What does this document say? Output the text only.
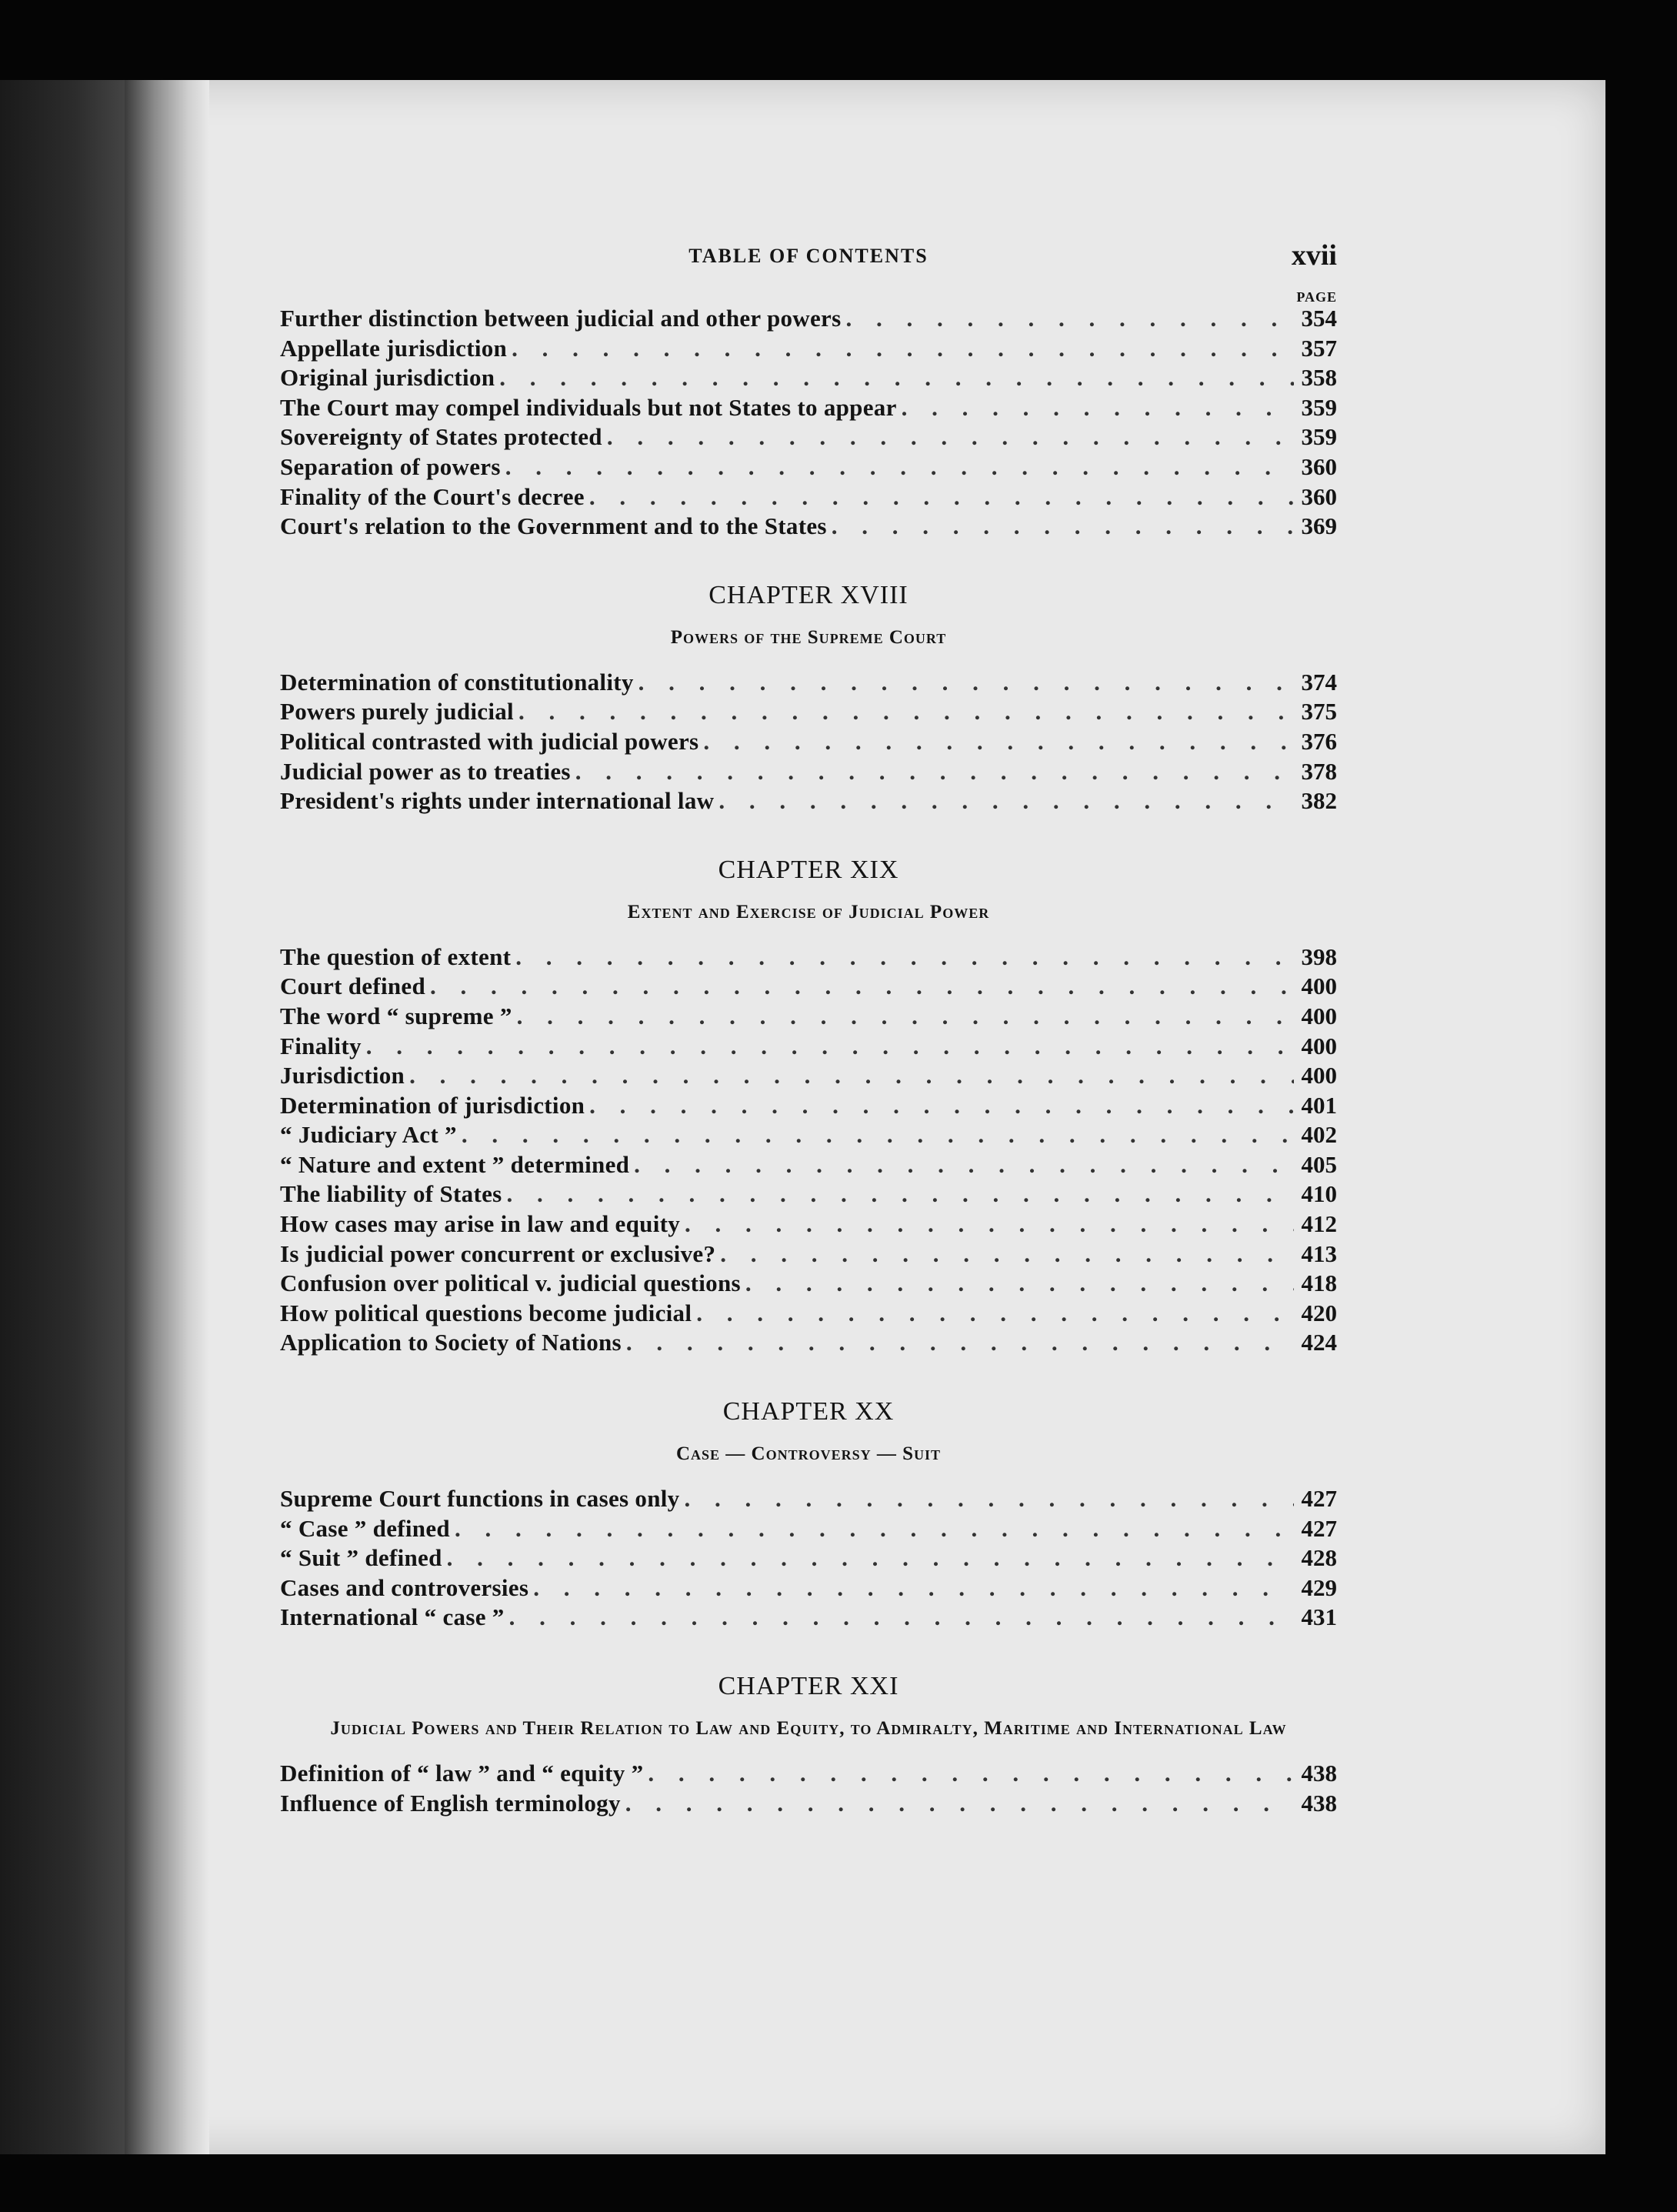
TABLE OF CONTENTS	xvii
PAGE
Further distinction between judicial and other powers . . .	354
Appellate jurisdiction . . .	357
Original jurisdiction . . .	358
The Court may compel individuals but not States to appear . . .	359
Sovereignty of States protected . . .	359
Separation of powers . . .	360
Finality of the Court's decree . . .	360
Court's relation to the Government and to the States . . .	369
CHAPTER XVIII
Powers of the Supreme Court
Determination of constitutionality . . .	374
Powers purely judicial . . .	375
Political contrasted with judicial powers . . .	376
Judicial power as to treaties . . .	378
President's rights under international law . . .	382
CHAPTER XIX
Extent and Exercise of Judicial Power
The question of extent . . .	398
Court defined . . .	400
The word “ supreme ” . . .	400
Finality . . .	400
Jurisdiction . . .	400
Determination of jurisdiction . . .	401
“ Judiciary Act ” . . .	402
“ Nature and extent ” determined . . .	405
The liability of States . . .	410
How cases may arise in law and equity . . .	412
Is judicial power concurrent or exclusive? . . .	413
Confusion over political v. judicial questions . . .	418
How political questions become judicial . . .	420
Application to Society of Nations . . .	424
CHAPTER XX
Case — Controversy — Suit
Supreme Court functions in cases only . . .	427
“ Case ” defined . . .	427
“ Suit ” defined . . .	428
Cases and controversies . . .	429
International “ case ” . . .	431
CHAPTER XXI
Judicial Powers and Their Relation to Law and Equity, to Admiralty, Maritime and International Law
Definition of “ law ” and “ equity ” . . .	438
Influence of English terminology . . .	438
